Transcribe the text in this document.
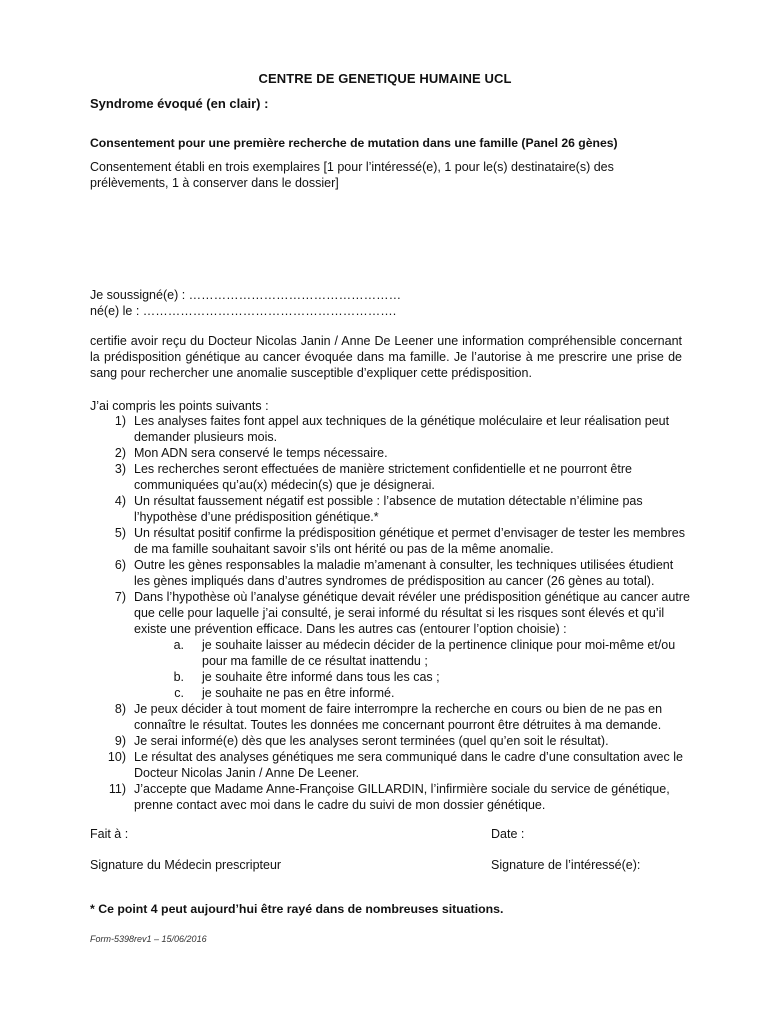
CENTRE DE GENETIQUE HUMAINE UCL
Syndrome évoqué (en clair) :
Consentement pour une première recherche de mutation dans une famille (Panel 26 gènes)
Consentement établi en trois exemplaires [1 pour l’intéressé(e), 1 pour le(s) destinataire(s) des prélèvements, 1 à conserver dans le dossier]
Je soussigné(e) : ……………………………………………
né(e) le : …………………………………………………….
certifie avoir reçu du Docteur Nicolas Janin / Anne De Leener une information compréhensible concernant la prédisposition génétique au cancer évoquée dans ma famille. Je l’autorise à me prescrire une prise de sang pour rechercher une anomalie susceptible d’expliquer cette prédisposition.
J’ai compris les points suivants :
1) Les analyses faites font appel aux techniques de la génétique moléculaire et leur réalisation peut demander plusieurs mois.
2) Mon ADN sera conservé le temps nécessaire.
3) Les recherches seront effectuées de manière strictement confidentielle et ne pourront être communiquées qu’au(x) médecin(s) que je désignerai.
4) Un résultat faussement négatif est possible : l’absence de mutation détectable n’élimine pas l’hypothèse d’une prédisposition génétique.*
5) Un résultat positif confirme la prédisposition génétique et permet d’envisager de tester les membres de ma famille souhaitant savoir s’ils ont hérité ou pas de la même anomalie.
6) Outre les gènes responsables la maladie m’amenant à consulter, les techniques utilisées étudient les gènes impliqués dans d’autres syndromes de prédisposition au cancer (26 gènes au total).
7) Dans l’hypothèse où l’analyse génétique devait révéler une prédisposition génétique au cancer autre que celle pour laquelle j’ai consulté, je serai informé du résultat si les risques sont élevés et qu’il existe une prévention efficace. Dans les autres cas (entourer l’option choisie) :
a. je souhaite laisser au médecin décider de la pertinence clinique pour moi-même et/ou pour ma famille de ce résultat inattendu ;
b. je souhaite être informé dans tous les cas ;
c. je souhaite ne pas en être informé.
8) Je peux décider à tout moment de faire interrompre la recherche en cours ou bien de ne pas en connaître le résultat. Toutes les données me concernant pourront être détruites à ma demande.
9) Je serai informé(e) dès que les analyses seront terminées (quel qu’en soit le résultat).
10) Le résultat des analyses génétiques me sera communiqué dans le cadre d’une consultation avec le Docteur Nicolas Janin / Anne De Leener.
11) J’accepte que Madame Anne-Françoise GILLARDIN, l’infirmière sociale du service de génétique, prenne contact avec moi dans le cadre du suivi de mon dossier génétique.
Fait à :	Date :
Signature du Médecin prescripteur	Signature de l’intéressé(e):
* Ce point 4 peut aujourd’hui être rayé dans de nombreuses situations.
Form-5398rev1 – 15/06/2016
